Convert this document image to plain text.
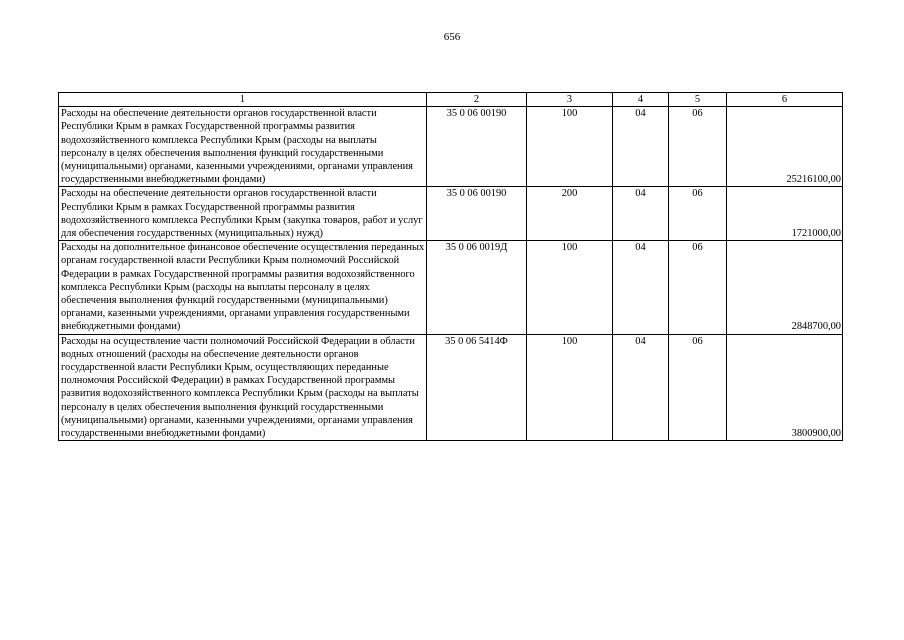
656
1	2	3	4	5	6
Расходы на обеспечение деятельности органов государственной власти Республики Крым в рамках Государственной программы развития водохозяйственного комплекса Республики Крым (расходы на выплаты персоналу в целях обеспечения выполнения функций государственными (муниципальными) органами, казенными учреждениями, органами управления государственными внебюджетными фондами)	35 0 06 00190	100	04	06	25216100,00
Расходы на обеспечение деятельности органов государственной власти Республики Крым в рамках Государственной программы развития водохозяйственного комплекса Республики Крым (закупка товаров, работ и услуг для обеспечения государственных (муниципальных) нужд)	35 0 06 00190	200	04	06	1721000,00
Расходы на дополнительное финансовое обеспечение осуществления переданных органам государственной власти Республики Крым полномочий Российской Федерации в рамках Государственной программы развития водохозяйственного комплекса Республики Крым (расходы на выплаты персоналу в целях обеспечения выполнения функций государственными (муниципальными) органами, казенными учреждениями, органами управления государственными внебюджетными фондами)	35 0 06 0019Д	100	04	06	2848700,00
Расходы на осуществление части полномочий Российской Федерации в области водных отношений (расходы на обеспечение деятельности органов государственной власти Республики Крым, осуществляющих переданные полномочия Российской Федерации) в рамках Государственной программы развития водохозяйственного комплекса Республики Крым (расходы на выплаты персоналу в целях обеспечения выполнения функций государственными (муниципальными) органами, казенными учреждениями, органами управления государственными внебюджетными фондами)	35 0 06 5414Ф	100	04	06	3800900,00
